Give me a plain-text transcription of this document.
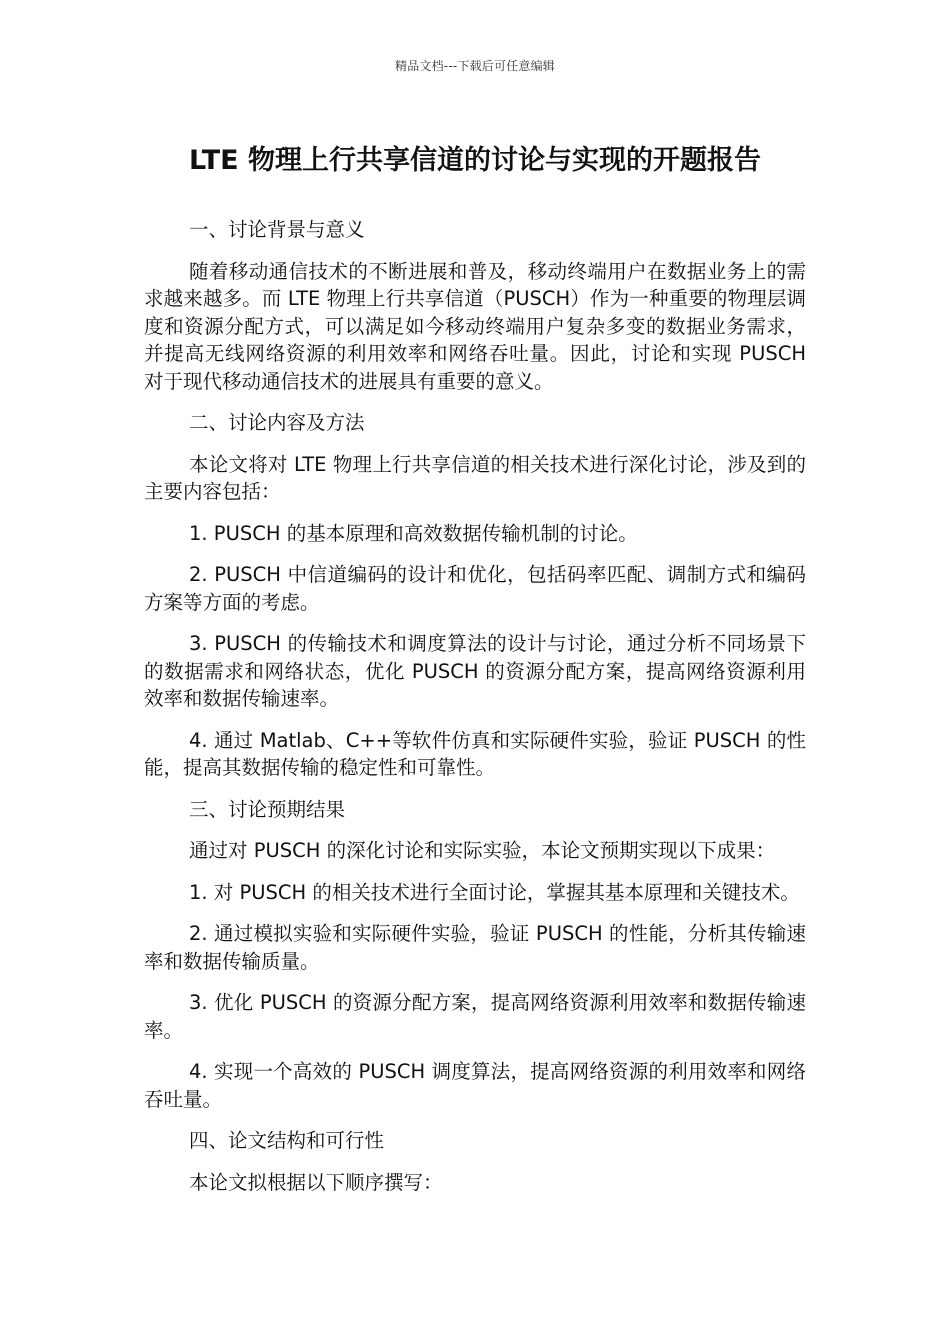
精品文档---下载后可任意编辑
LTE 物理上行共享信道的讨论与实现的开题报告

一、讨论背景与意义

随着移动通信技术的不断进展和普及，移动终端用户在数据业务上的需求越来越多。而 LTE 物理上行共享信道（PUSCH）作为一种重要的物理层调度和资源分配方式，可以满足如今移动终端用户复杂多变的数据业务需求，并提高无线网络资源的利用效率和网络吞吐量。因此，讨论和实现 PUSCH 对于现代移动通信技术的进展具有重要的意义。

二、讨论内容及方法

本论文将对 LTE 物理上行共享信道的相关技术进行深化讨论，涉及到的主要内容包括：

1. PUSCH 的基本原理和高效数据传输机制的讨论。

2. PUSCH 中信道编码的设计和优化，包括码率匹配、调制方式和编码方案等方面的考虑。

3. PUSCH 的传输技术和调度算法的设计与讨论，通过分析不同场景下的数据需求和网络状态，优化 PUSCH 的资源分配方案，提高网络资源利用效率和数据传输速率。

4. 通过 Matlab、C++等软件仿真和实际硬件实验，验证 PUSCH 的性能，提高其数据传输的稳定性和可靠性。

三、讨论预期结果

通过对 PUSCH 的深化讨论和实际实验，本论文预期实现以下成果：

1. 对 PUSCH 的相关技术进行全面讨论，掌握其基本原理和关键技术。

2. 通过模拟实验和实际硬件实验，验证 PUSCH 的性能，分析其传输速率和数据传输质量。

3. 优化 PUSCH 的资源分配方案，提高网络资源利用效率和数据传输速率。

4. 实现一个高效的 PUSCH 调度算法，提高网络资源的利用效率和网络吞吐量。

四、论文结构和可行性

本论文拟根据以下顺序撰写：
